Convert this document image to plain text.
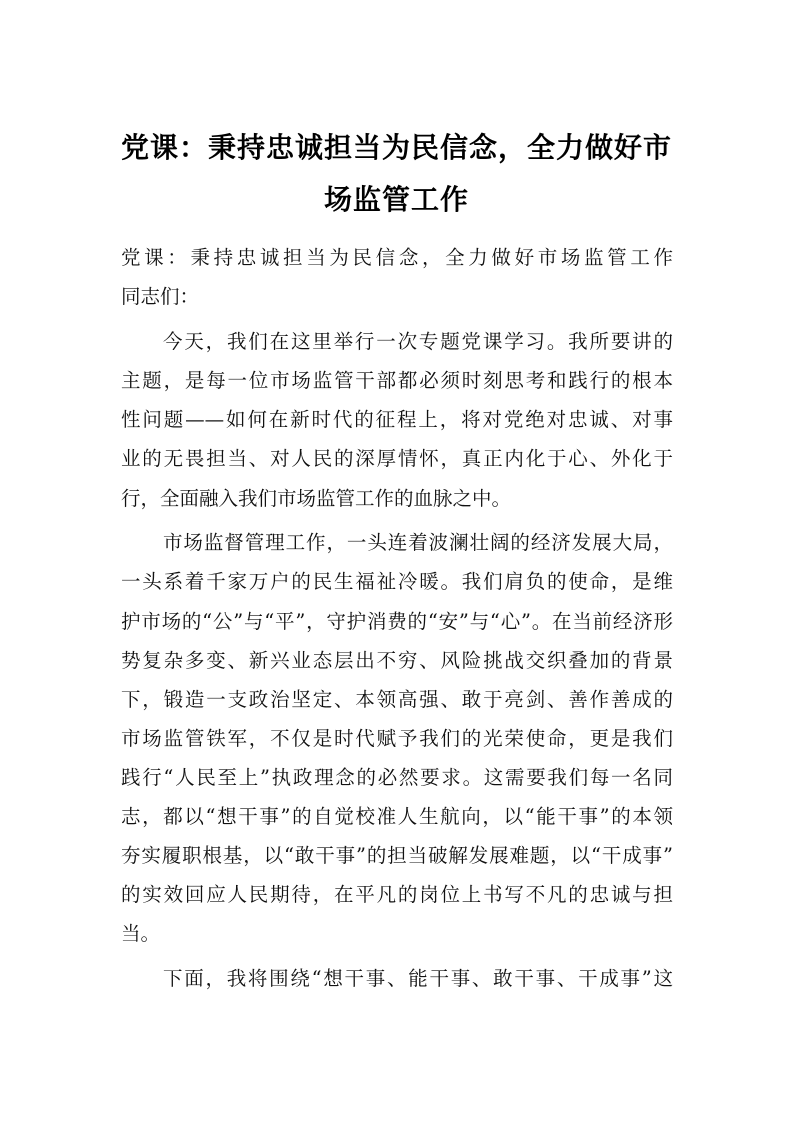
党课：秉持忠诚担当为民信念，全力做好市
场监管工作

党课：秉持忠诚担当为民信念，全力做好市场监管工作

同志们：

今天，我们在这里举行一次专题党课学习。我所要讲的

主题，是每一位市场监管干部都必须时刻思考和践行的根本

性问题——如何在新时代的征程上，将对党绝对忠诚、对事

业的无畏担当、对人民的深厚情怀，真正内化于心、外化于

行，全面融入我们市场监管工作的血脉之中。

市场监督管理工作，一头连着波澜壮阔的经济发展大局，

一头系着千家万户的民生福祉冷暖。我们肩负的使命，是维

护市场的“公”与“平”，守护消费的“安”与“心”。在当前经济形

势复杂多变、新兴业态层出不穷、风险挑战交织叠加的背景

下，锻造一支政治坚定、本领高强、敢于亮剑、善作善成的

市场监管铁军，不仅是时代赋予我们的光荣使命，更是我们

践行“人民至上”执政理念的必然要求。这需要我们每一名同

志，都以“想干事”的自觉校准人生航向，以“能干事”的本领

夯实履职根基，以“敢干事”的担当破解发展难题，以“干成事”

的实效回应人民期待，在平凡的岗位上书写不凡的忠诚与担

当。

下面，我将围绕“想干事、能干事、敢干事、干成事”这
